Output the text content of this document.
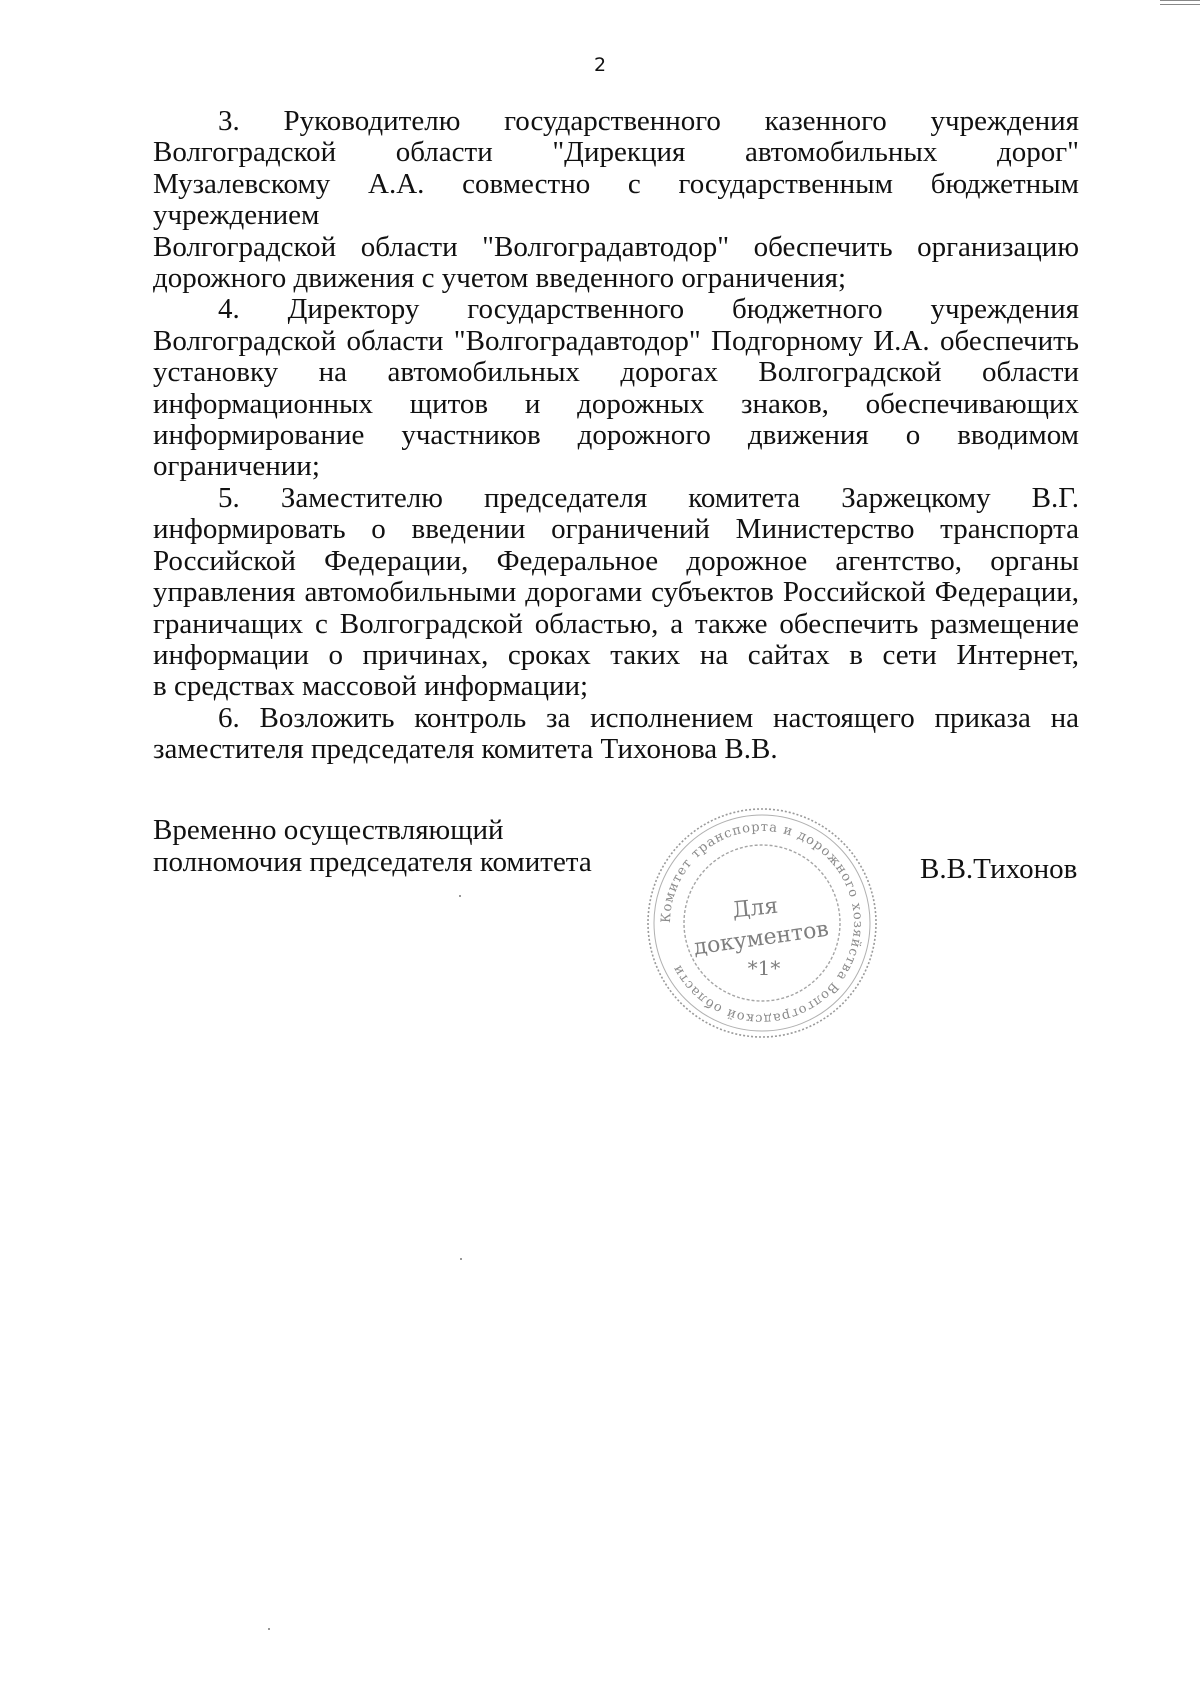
2
3. Руководителю государственного казенного учреждения
Волгоградской области "Дирекция автомобильных дорог"
Музалевскому А.А. совместно с государственным бюджетным учреждением
Волгоградской области "Волгоградавтодор" обеспечить организацию
дорожного движения с учетом введенного ограничения;
4. Директору государственного бюджетного учреждения
Волгоградской области "Волгоградавтодор" Подгорному И.А. обеспечить
установку на автомобильных дорогах Волгоградской области
информационных щитов и дорожных знаков, обеспечивающих
информирование участников дорожного движения о вводимом
ограничении;
5. Заместителю председателя комитета Заржецкому В.Г.
информировать о введении ограничений Министерство транспорта
Российской Федерации, Федеральное дорожное агентство, органы
управления автомобильными дорогами субъектов Российской Федерации,
граничащих с Волгоградской областью, а также обеспечить размещение
информации о причинах, сроках таких на сайтах в сети Интернет,
в средствах массовой информации;
6. Возложить контроль за исполнением настоящего приказа на
заместителя председателя комитета Тихонова В.В.
Временно осуществляющий
полномочия председателя комитета	В.В.Тихонов
Комитет транспорта и дорожного хозяйства Волгоградской области
Для
документов
*1*
